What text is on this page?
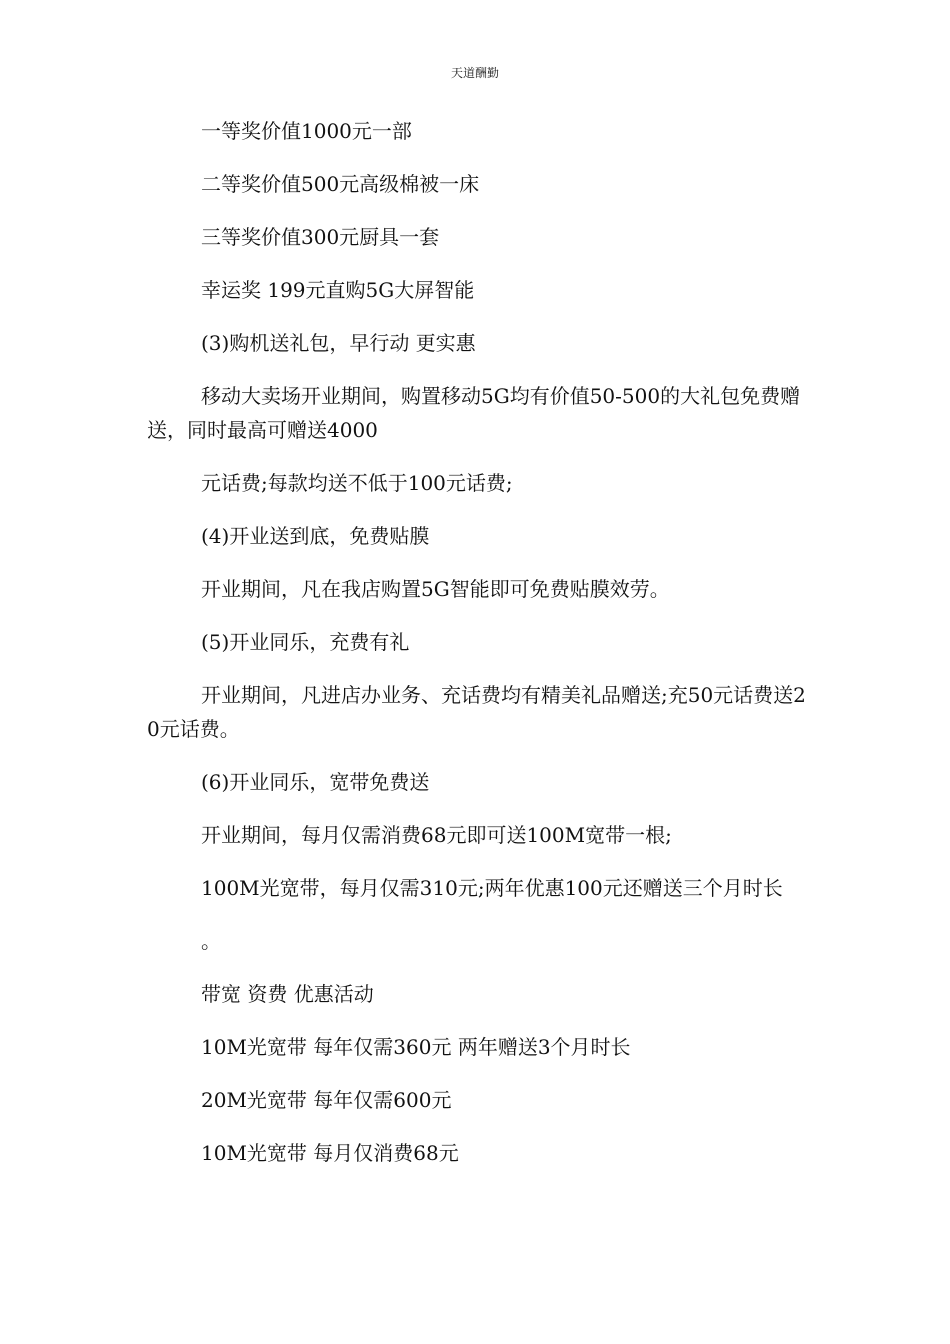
天道酬勤

一等奖价值1000元一部

二等奖价值500元高级棉被一床

三等奖价值300元厨具一套

幸运奖 199元直购5G大屏智能

(3)购机送礼包，早行动 更实惠

移动大卖场开业期间，购置移动5G均有价值50-500的大礼包免费赠送，同时最高可赠送4000

元话费;每款均送不低于100元话费;

(4)开业送到底，免费贴膜

开业期间，凡在我店购置5G智能即可免费贴膜效劳。

(5)开业同乐，充费有礼

开业期间，凡进店办业务、充话费均有精美礼品赠送;充50元话费送20元话费。

(6)开业同乐，宽带免费送

开业期间，每月仅需消费68元即可送100M宽带一根;

100M光宽带，每月仅需310元;两年优惠100元还赠送三个月时长

。

带宽 资费 优惠活动

10M光宽带 每年仅需360元 两年赠送3个月时长

20M光宽带 每年仅需600元

10M光宽带 每月仅消费68元
